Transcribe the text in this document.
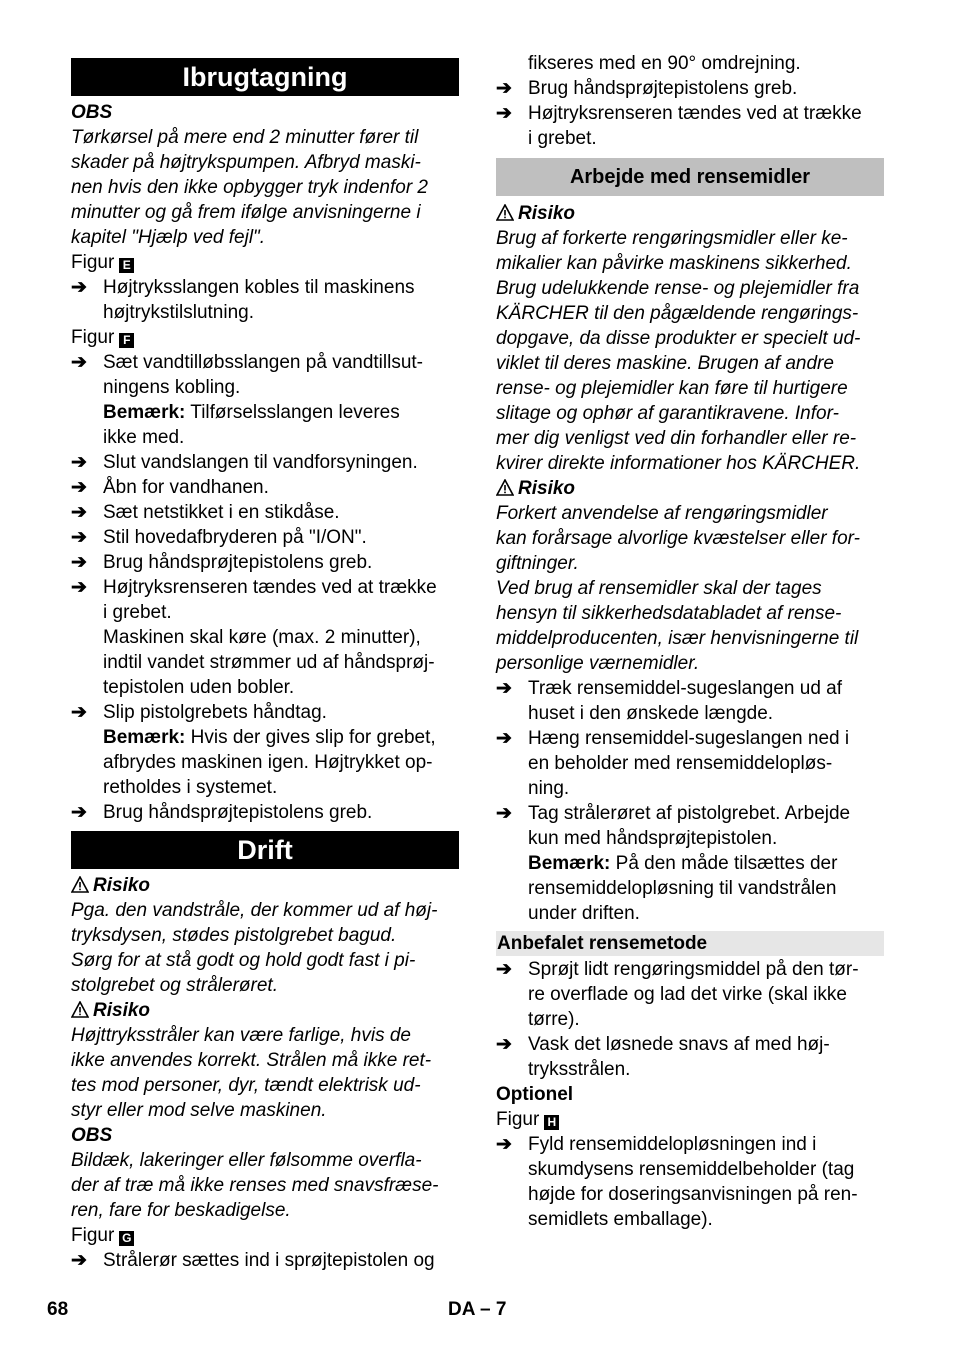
Ibrugtagning
OBS
Tørkørsel på mere end 2 minutter fører til
skader på højtrykspumpen. Afbryd maski-
nen hvis den ikke opbygger tryk indenfor 2
minutter og gå frem ifølge anvisningerne i
kapitel "Hjælp ved fejl".
Figur E
➔ Højtryksslangen kobles til maskinens
højtrykstilslutning.
Figur F
➔ Sæt vandtilløbsslangen på vandtillsut-
ningens kobling.
Bemærk: Tilførselsslangen leveres
ikke med.
➔ Slut vandslangen til vandforsyningen.
➔ Åbn for vandhanen.
➔ Sæt netstikket i en stikdåse.
➔ Stil hovedafbryderen på "I/ON".
➔ Brug håndsprøjtepistolens greb.
➔ Højtryksrenseren tændes ved at trække
i grebet.
Maskinen skal køre (max. 2 minutter),
indtil vandet strømmer ud af håndsprøj-
tepistolen uden bobler.
➔ Slip pistolgrebets håndtag.
Bemærk: Hvis der gives slip for grebet,
afbrydes maskinen igen. Højtrykket op-
retholdes i systemet.
➔ Brug håndsprøjtepistolens greb.
Drift
Risiko
Pga. den vandstråle, der kommer ud af høj-
tryksdysen, stødes pistolgrebet bagud.
Sørg for at stå godt og hold godt fast i pi-
stolgrebet og strålerøret.
Risiko
Højttryksstråler kan være farlige, hvis de
ikke anvendes korrekt. Strålen må ikke ret-
tes mod personer, dyr, tændt elektrisk ud-
styr eller mod selve maskinen.
OBS
Bildæk, lakeringer eller følsomme overfla-
der af træ må ikke renses med snavsfræse-
ren, fare for beskadigelse.
Figur G
➔ Strålerør sættes ind i sprøjtepistolen og
fikseres med en 90° omdrejning.
➔ Brug håndsprøjtepistolens greb.
➔ Højtryksrenseren tændes ved at trække
i grebet.
Arbejde med rensemidler
Risiko
Brug af forkerte rengøringsmidler eller ke-
mikalier kan påvirke maskinens sikkerhed.
Brug udelukkende rense- og plejemidler fra
KÄRCHER til den pågældende rengørings-
dopgave, da disse produkter er specielt ud-
viklet til deres maskine. Brugen af andre
rense- og plejemidler kan føre til hurtigere
slitage og ophør af garantikravene. Infor-
mer dig venligst ved din forhandler eller re-
kvirer direkte informationer hos KÄRCHER.
Risiko
Forkert anvendelse af rengøringsmidler
kan forårsage alvorlige kvæstelser eller for-
giftninger.
Ved brug af rensemidler skal der tages
hensyn til sikkerhedsdatabladet af rense-
middelproducenten, især henvisningerne til
personlige værnemidler.
➔ Træk rensemiddel-sugeslangen ud af
huset i den ønskede længde.
➔ Hæng rensemiddel-sugeslangen ned i
en beholder med rensemiddelopløs-
ning.
➔ Tag strålerøret af pistolgrebet. Arbejde
kun med håndsprøjtepistolen.
Bemærk: På den måde tilsættes der
rensemiddelopløsning til vandstrålen
under driften.
Anbefalet rensemetode
➔ Sprøjt lidt rengøringsmiddel på den tør-
re overflade og lad det virke (skal ikke
tørre).
➔ Vask det løsnede snavs af med høj-
tryksstrålen.
Optionel
Figur H
➔ Fyld rensemiddelopløsningen ind i
skumdysens rensemiddelbeholder (tag
højde for doseringsanvisningen på ren-
semidlets emballage).
68	DA – 7
